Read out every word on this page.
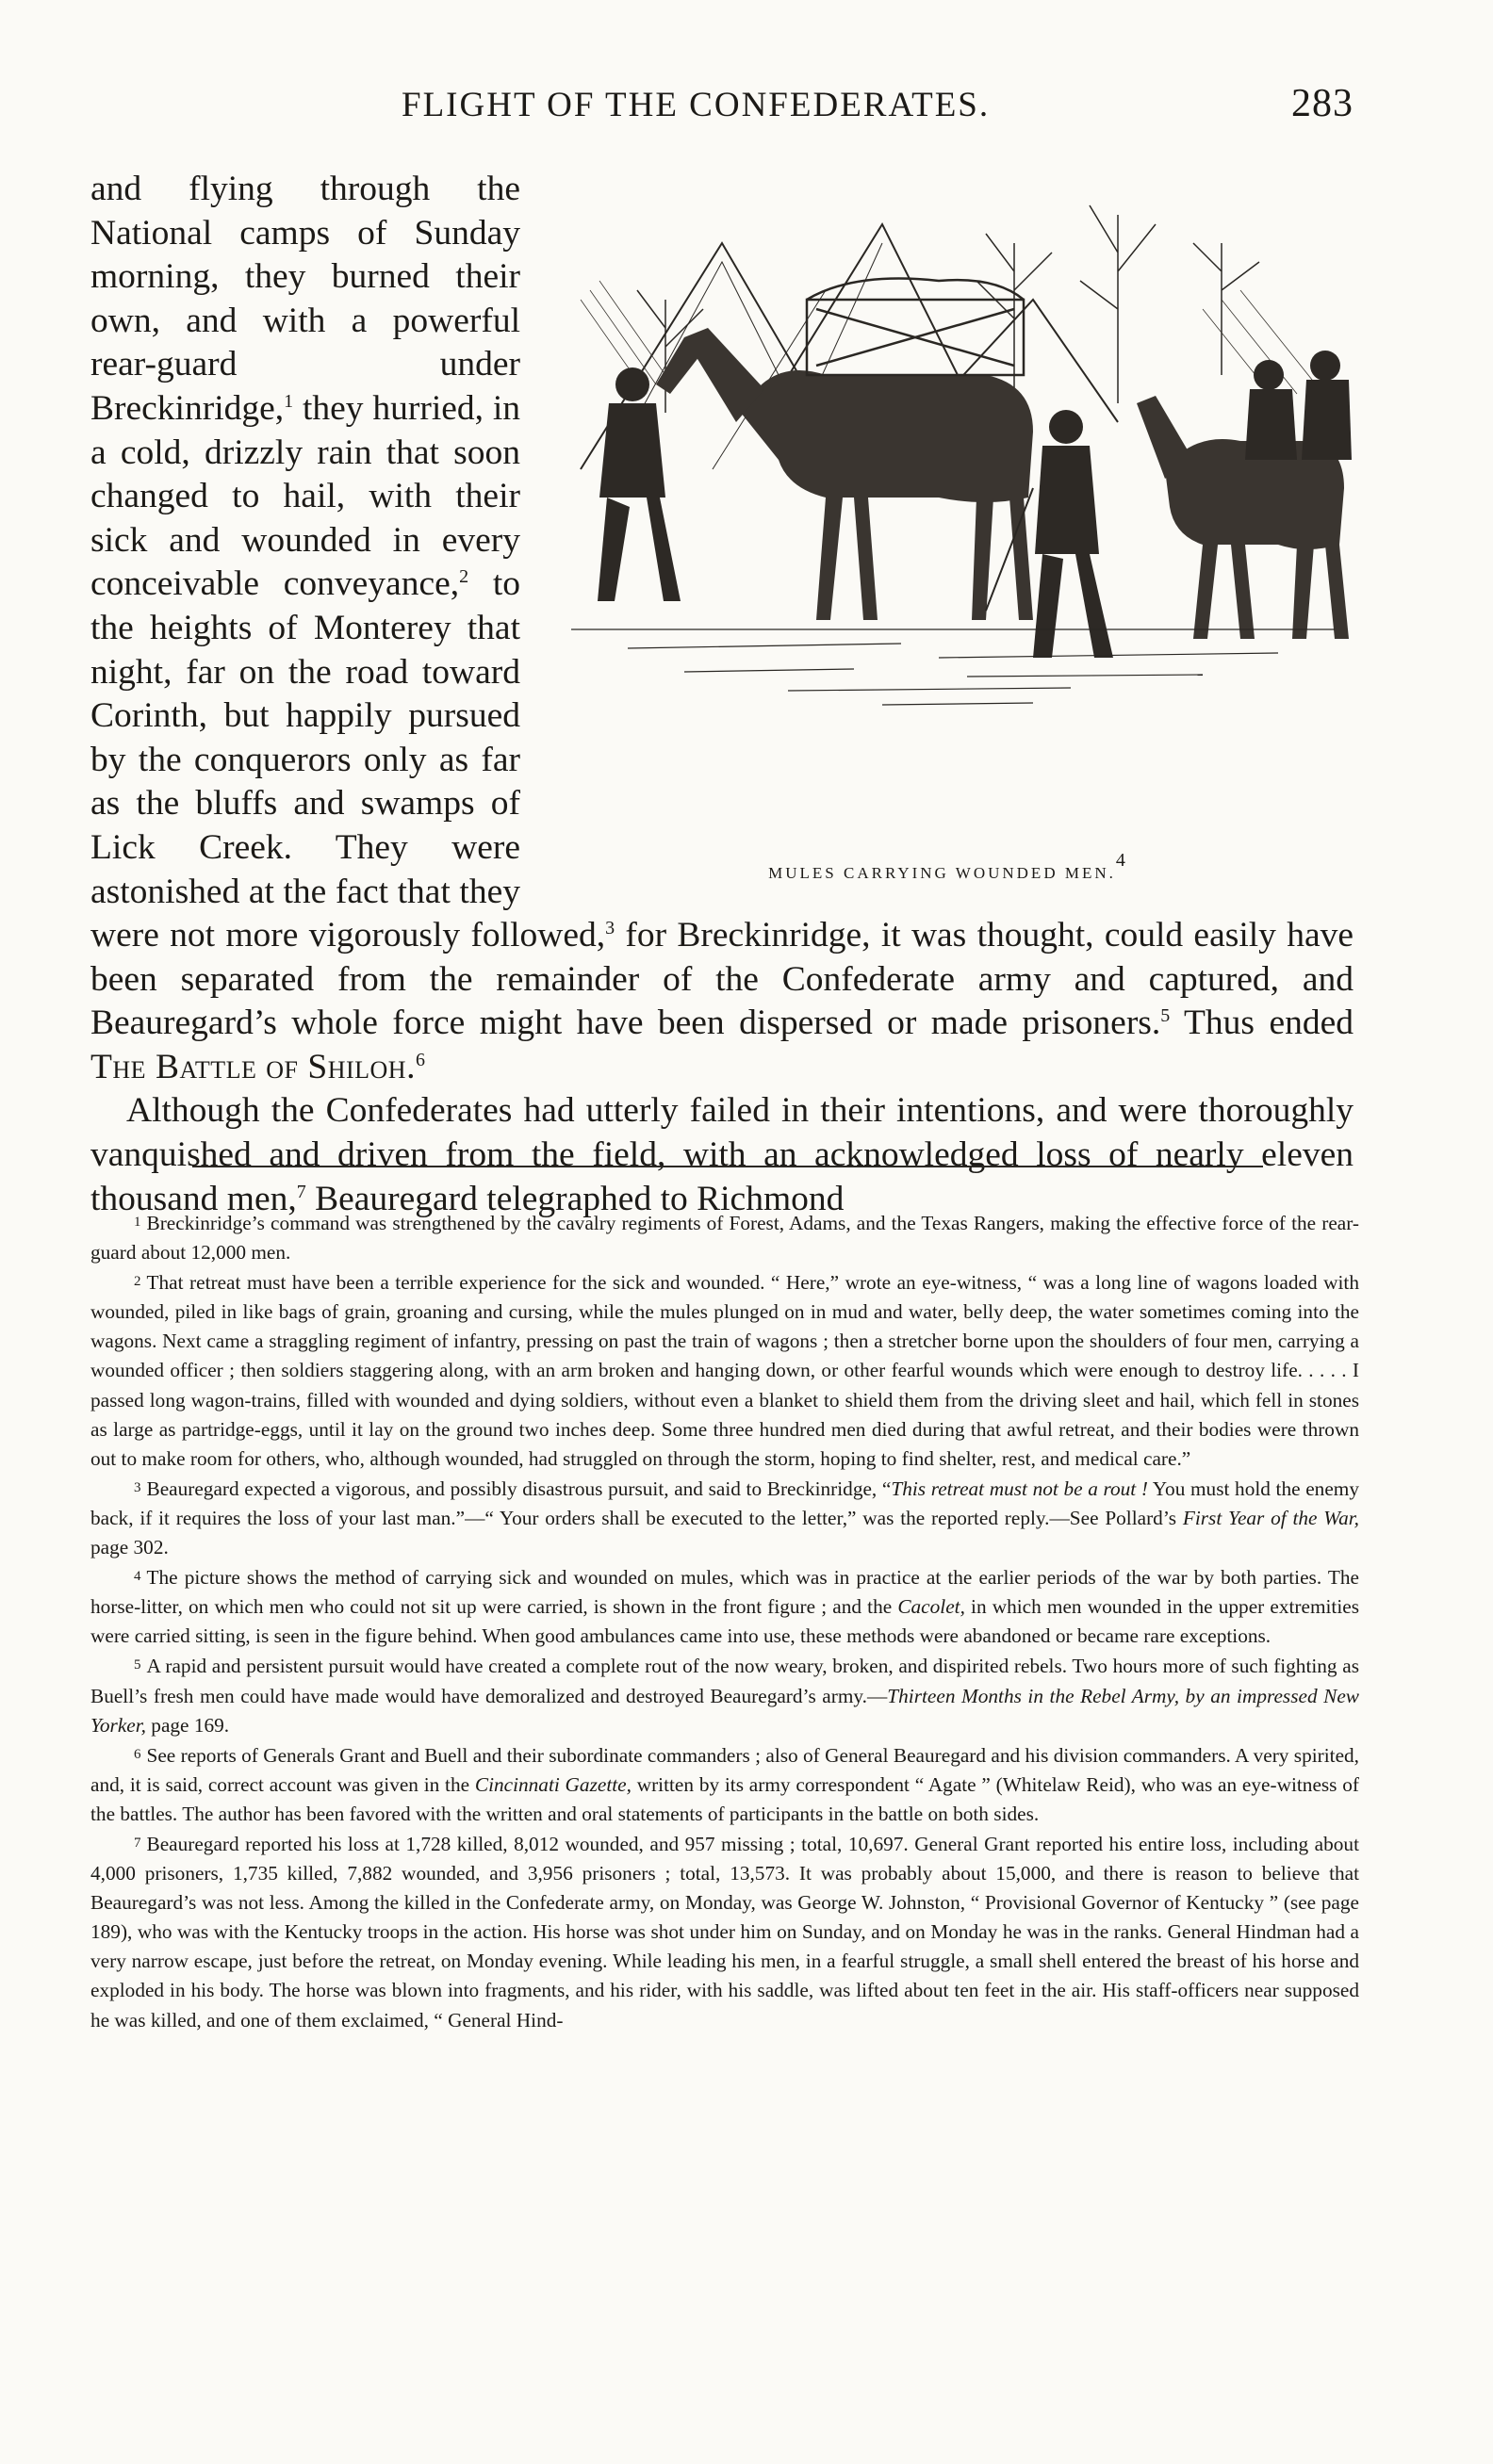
FLIGHT OF THE CONFEDERATES.	283
MULES CARRYING WOUNDED MEN.$^4$

and flying through the National camps of Sunday morning, they burned their own, and with a powerful rear-guard under Breckinridge,$^1$ they hurried, in a cold, drizzly rain that soon changed to hail, with their sick and wounded in every conceivable conveyance,$^2$ to the heights of Monterey that night, far on the road toward Corinth, but happily pursued by the conquerors only as far as the bluffs and swamps of Lick Creek. They were astonished at the fact that they were not more vigorously followed,$^3$ for Breckinridge, it was thought, could easily have been separated from the remainder of the Confederate army and captured, and Beauregard’s whole force might have been dispersed or made prisoners.$^5$ Thus ended The Battle of Shiloh.$^6$

Although the Confederates had utterly failed in their intentions, and were thoroughly vanquished and driven from the field, with an acknowledged loss of nearly eleven thousand men,$^7$ Beauregard telegraphed to Richmond

1 Breckinridge’s command was strengthened by the cavalry regiments of Forest, Adams, and the Texas Rangers, making the effective force of the rear-guard about 12,000 men.

2 That retreat must have been a terrible experience for the sick and wounded. “ Here,” wrote an eye-witness, “ was a long line of wagons loaded with wounded, piled in like bags of grain, groaning and cursing, while the mules plunged on in mud and water, belly deep, the water sometimes coming into the wagons. Next came a straggling regiment of infantry, pressing on past the train of wagons ; then a stretcher borne upon the shoulders of four men, carrying a wounded officer ; then soldiers staggering along, with an arm broken and hanging down, or other fearful wounds which were enough to destroy life. . . . . I passed long wagon-trains, filled with wounded and dying soldiers, without even a blanket to shield them from the driving sleet and hail, which fell in stones as large as partridge-eggs, until it lay on the ground two inches deep. Some three hundred men died during that awful retreat, and their bodies were thrown out to make room for others, who, although wounded, had struggled on through the storm, hoping to find shelter, rest, and medical care.”

3 Beauregard expected a vigorous, and possibly disastrous pursuit, and said to Breckinridge, “This retreat must not be a rout ! You must hold the enemy back, if it requires the loss of your last man.”—“ Your orders shall be executed to the letter,” was the reported reply.—See Pollard’s First Year of the War, page 302.

4 The picture shows the method of carrying sick and wounded on mules, which was in practice at the earlier periods of the war by both parties. The horse-litter, on which men who could not sit up were carried, is shown in the front figure ; and the Cacolet, in which men wounded in the upper extremities were carried sitting, is seen in the figure behind. When good ambulances came into use, these methods were abandoned or became rare exceptions.

5 A rapid and persistent pursuit would have created a complete rout of the now weary, broken, and dispirited rebels. Two hours more of such fighting as Buell’s fresh men could have made would have demoralized and destroyed Beauregard’s army.—Thirteen Months in the Rebel Army, by an impressed New Yorker, page 169.

6 See reports of Generals Grant and Buell and their subordinate commanders ; also of General Beauregard and his division commanders. A very spirited, and, it is said, correct account was given in the Cincinnati Gazette, written by its army correspondent “ Agate ” (Whitelaw Reid), who was an eye-witness of the battles. The author has been favored with the written and oral statements of participants in the battle on both sides.

7 Beauregard reported his loss at 1,728 killed, 8,012 wounded, and 957 missing ; total, 10,697. General Grant reported his entire loss, including about 4,000 prisoners, 1,735 killed, 7,882 wounded, and 3,956 prisoners ; total, 13,573. It was probably about 15,000, and there is reason to believe that Beauregard’s was not less. Among the killed in the Confederate army, on Monday, was George W. Johnston, “ Provisional Governor of Kentucky ” (see page 189), who was with the Kentucky troops in the action. His horse was shot under him on Sunday, and on Monday he was in the ranks. General Hindman had a very narrow escape, just before the retreat, on Monday evening. While leading his men, in a fearful struggle, a small shell entered the breast of his horse and exploded in his body. The horse was blown into fragments, and his rider, with his saddle, was lifted about ten feet in the air. His staff-officers near supposed he was killed, and one of them exclaimed, “ General Hind-
